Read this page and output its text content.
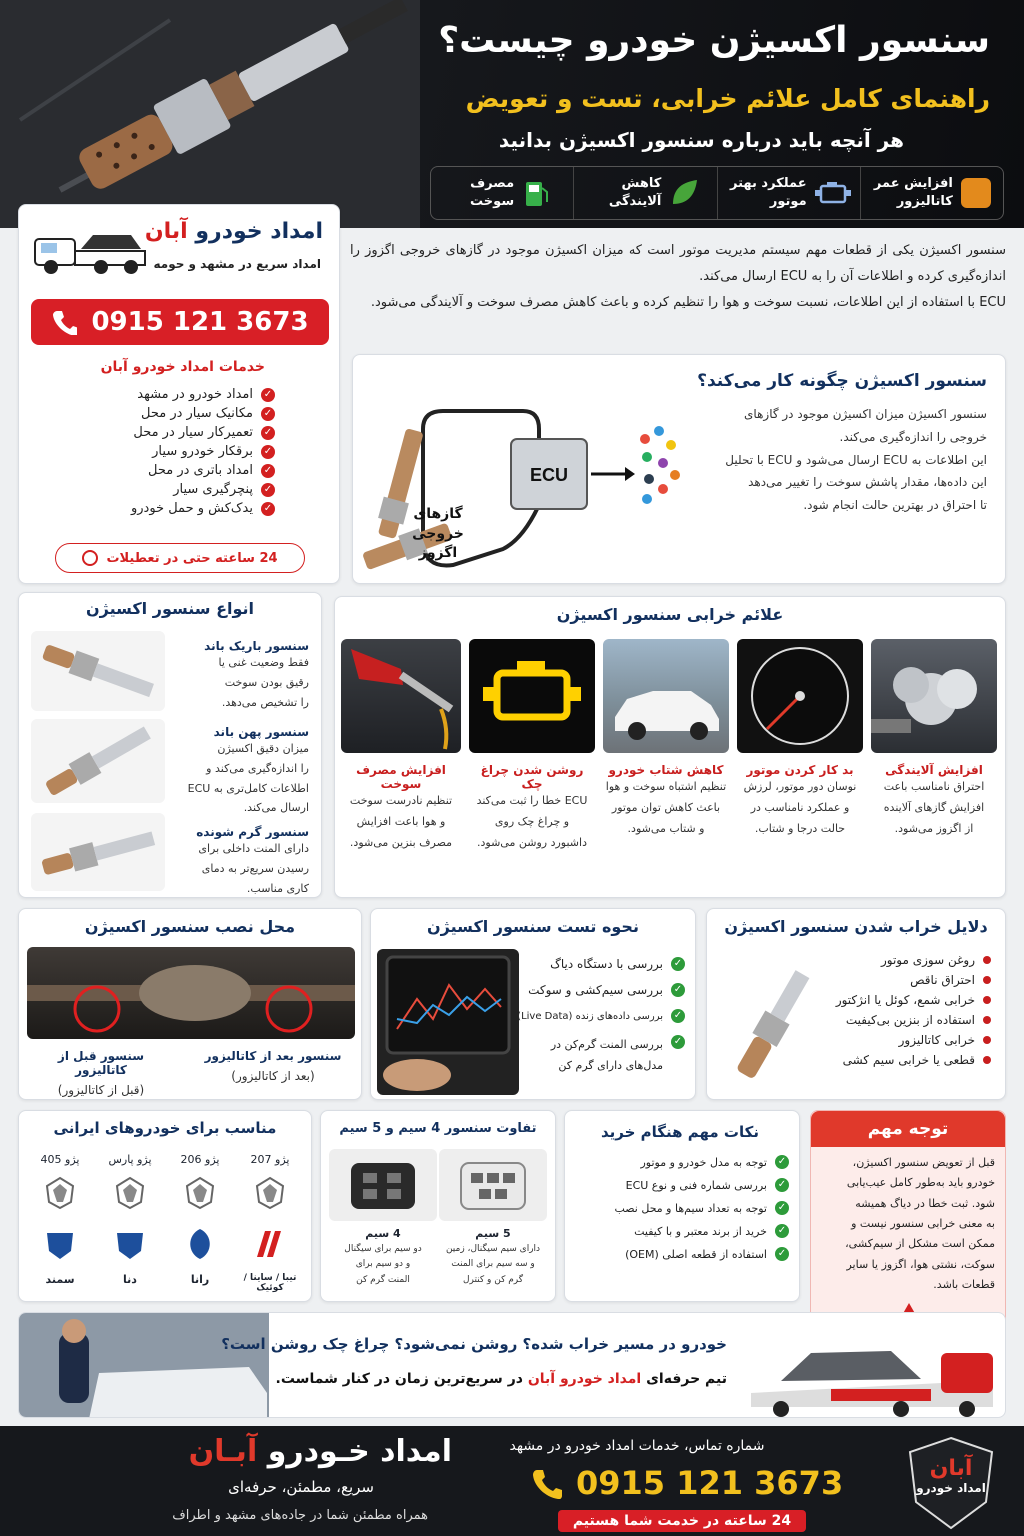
سنسور اکسیژن خودرو چیست؟
راهنمای کامل علائم خرابی، تست و تعویض
هر آنچه باید درباره سنسور اکسیژن بدانید
افزایش عمر کاتالیزور
عملکرد بهتر موتور
کاهش آلایندگی
مصرف سوخت
امداد خودرو آبان
امداد سریع در مشهد و حومه
0915 121 3673
خدمات امداد خودرو آبان
✓
امداد خودرو در مشهد
✓
مکانیک سیار در محل
✓
تعمیرکار سیار در محل
✓
برقکار خودرو سیار
✓
امداد باتری در محل
✓
پنچرگیری سیار
✓
یدک‌کش و حمل خودرو
24 ساعته حتی در تعطیلات

سنسور اکسیژن یکی از قطعات مهم سیستم مدیریت موتور است که میزان اکسیژن موجود در گازهای خروجی اگزوز را اندازه‌گیری کرده و اطلاعات آن را به ECU ارسال می‌کند.

ECU با استفاده از این اطلاعات، نسبت سوخت و هوا را تنظیم کرده و باعث کاهش مصرف سوخت و آلایندگی می‌شود.

سنسور اکسیژن چگونه کار می‌کند؟
سنسور اکسیژن میزان اکسیژن موجود در گازهای
خروجی را اندازه‌گیری می‌کند.
این اطلاعات به ECU ارسال می‌شود و ECU با تحلیل
این داده‌ها، مقدار پاشش سوخت را تغییر می‌دهد
تا احتراق در بهترین حالت انجام شود.
ECU
گازهای
خروجی
اگزوز
انواع سنسور اکسیژن
سنسور باریک باند
فقط وضعیت غنی یا
رقیق بودن سوخت
را تشخیص می‌دهد.
سنسور پهن باند
میزان دقیق اکسیژن
را اندازه‌گیری می‌کند و
اطلاعات کامل‌تری به ECU
ارسال می‌کند.
سنسور گرم شونده
دارای المنت داخلی برای
رسیدن سریع‌تر به دمای
کاری مناسب.
علائم خرابی سنسور اکسیژن
افزایش آلایندگی
احتراق نامناسب باعت
افزایش گازهای آلاینده
از اگزوز می‌شود.
بد کار کردن موتور
نوسان دور موتور، لرزش
و عملکرد نامناسب در
حالت درجا و شتاب.
کاهش شتاب خودرو
تنظیم اشتباه سوخت و هوا
باعث کاهش توان موتور
و شتاب می‌شود.
روشن شدن چراغ چک
ECU خطا را ثبت می‌کند
و چراغ چک روی
داشبورد روشن می‌شود.
افزایش مصرف سوخت
تنظیم نادرست سوخت
و هوا باعت افزایش
مصرف بنزین می‌شود.
محل نصب سنسور اکسیژن
سنسور بعد از کاتالیزور
(بعد از کاتالیزور)
سنسور قبل از کاتالیزور
(قبل از کاتالیزور)
نحوه تست سنسور اکسیژن
✓
بررسی با دستگاه دیاگ
✓
بررسی سیم‌کشی و سوکت
✓
بررسی داده‌های زنده (Live Data)
✓
بررسی المنت گرم‌کن در مدل‌های دارای گرم کن
دلایل خراب شدن سنسور اکسیژن
روغن سوزی موتور
احتراق ناقص
خرابی شمع، کوئل یا انژکتور
استفاده از بنزین بی‌کیفیت
خرابی کاتالیزور
قطعی یا خرابی سیم کشی
مناسب برای خودروهای ایرانی
پژو 207
پژو 206
پژو پارس
پژو 405
تیبا / ساینا / کوئیک
رانا
دنا
سمند
تفاوت سنسور 4 سیم و 5 سیم
5 سیم
دارای سیم سیگنال، زمین
و سه سیم برای المنت
گرم کن و کنترل
4 سیم
دو سیم برای سیگنال
و دو سیم برای
المنت گرم کن
نکات مهم هنگام خرید
✓
توجه به مدل خودرو و موتور
✓
بررسی شماره فنی و نوع ECU
✓
توجه به تعداد سیم‌ها و محل نصب
✓
خرید از برند معتبر و با کیفیت
✓
استفاده از قطعه اصلی (OEM)
توجه مهم
قبل از تعویض سنسور اکسیژن،
خودرو باید به‌طور کامل عیب‌یابی
شود. ثبت خطا در دیاگ همیشه
به معنی خرابی سنسور نیست و
ممکن است مشکل از سیم‌کشی،
سوکت، نشتی هوا، اگزوز یا سایر
قطعات باشد.
خودرو در مسیر خراب شده؟ روشن نمی‌شود؟ چراغ چک روشن است؟
تیم حرفه‌ای امداد خودرو آبان در سریع‌ترین زمان در کنار شماست.
آبان
امداد خودرو
شماره تماس، خدمات امداد خودرو در مشهد
0915 121 3673
24 ساعته در خدمت شما هستیم
امداد خـودرو آبـان
سریع، مطمئن، حرفه‌ای
همراه مطمئن شما در جاده‌های مشهد و اطراف
